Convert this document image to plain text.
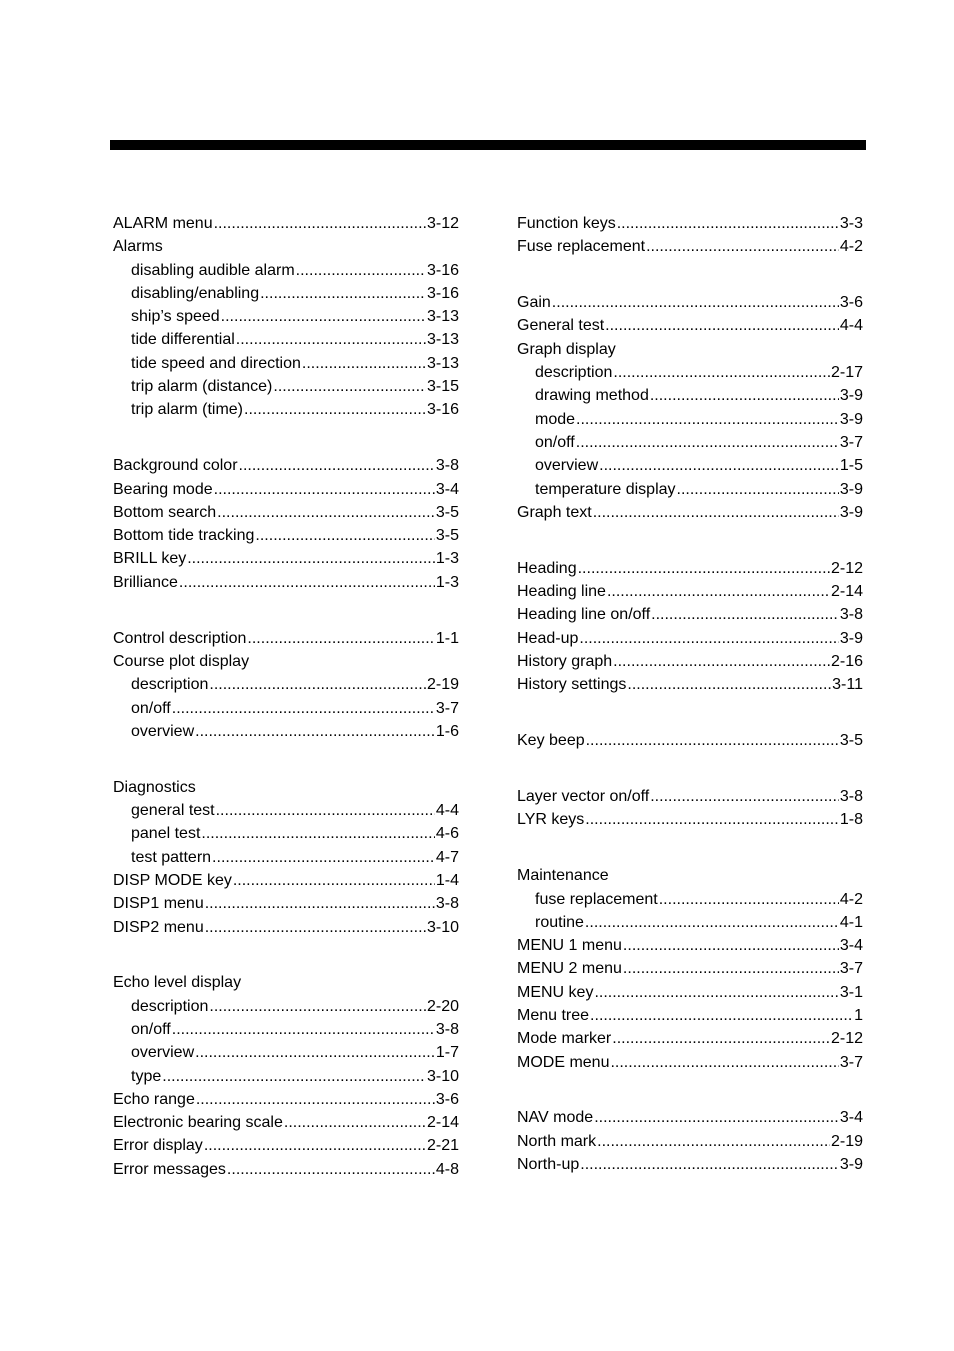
ALARM menu .....	3-12
Alarms
disabling audible alarm .....	3-16
disabling/enabling .....	3-16
ship’s speed .....	3-13
tide differential .....	3-13
tide speed and direction .....	3-13
trip alarm (distance) .....	3-15
trip alarm (time) .....	3-16
Background color .....	3-8
Bearing mode .....	3-4
Bottom search .....	3-5
Bottom tide tracking .....	3-5
BRILL key .....	1-3
Brilliance .....	1-3
Control description .....	1-1
Course plot display
description .....	2-19
on/off .....	3-7
overview .....	1-6
Diagnostics
general test .....	4-4
panel test .....	4-6
test pattern .....	4-7
DISP MODE key .....	1-4
DISP1 menu .....	3-8
DISP2 menu .....	3-10
Echo level display
description .....	2-20
on/off .....	3-8
overview .....	1-7
type .....	3-10
Echo range .....	3-6
Electronic bearing scale .....	2-14
Error display .....	2-21
Error messages .....	4-8
Function keys .....	3-3
Fuse replacement .....	4-2
Gain .....	3-6
General test .....	4-4
Graph display
description .....	2-17
drawing method .....	3-9
mode .....	3-9
on/off .....	3-7
overview .....	1-5
temperature display .....	3-9
Graph text .....	3-9
Heading .....	2-12
Heading line .....	2-14
Heading line on/off .....	3-8
Head-up .....	3-9
History graph .....	2-16
History settings .....	3-11
Key beep .....	3-5
Layer vector on/off .....	3-8
LYR keys .....	1-8
Maintenance
fuse replacement .....	4-2
routine .....	4-1
MENU 1 menu .....	3-4
MENU 2 menu .....	3-7
MENU key .....	3-1
Menu tree .....	1
Mode marker .....	2-12
MODE menu .....	3-7
NAV mode .....	3-4
North mark .....	2-19
North-up .....	3-9
